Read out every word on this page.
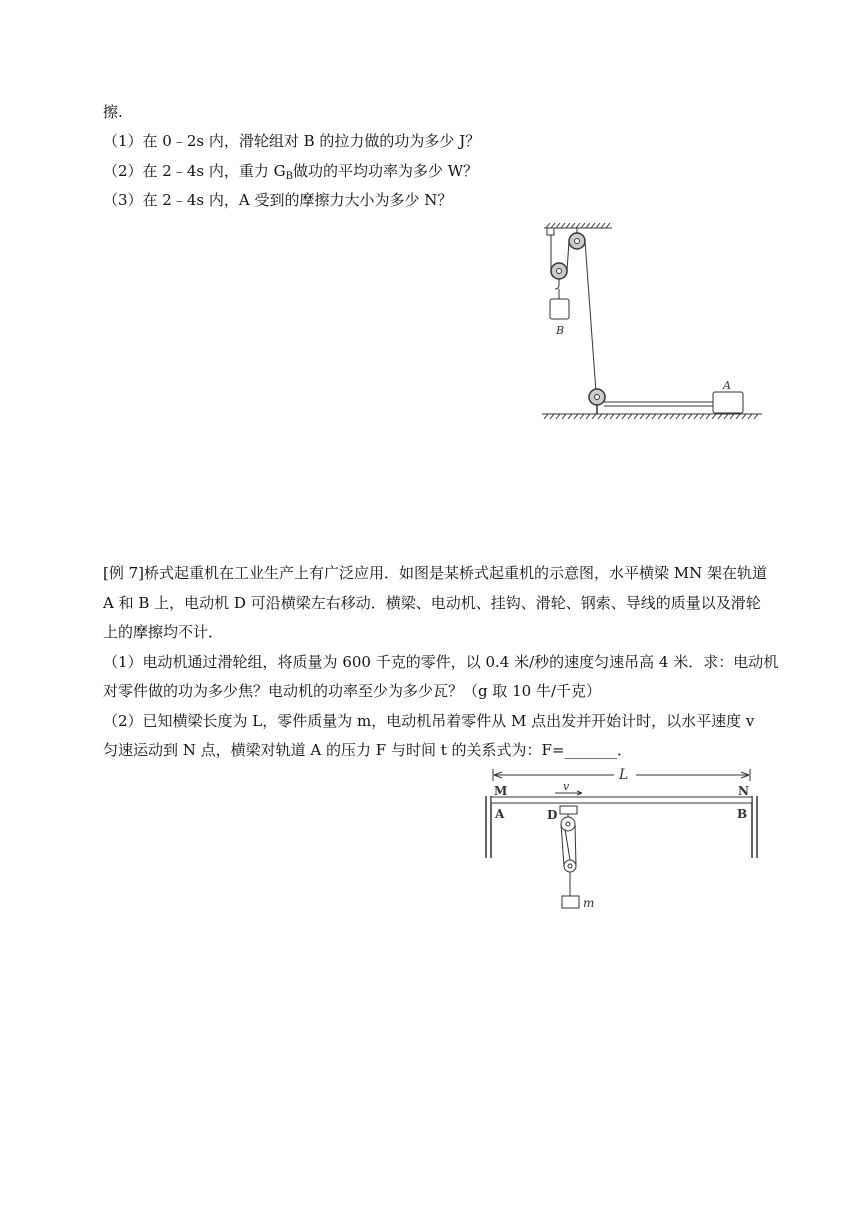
擦.
（1）在 0﹣2s 内，滑轮组对 B 的拉力做的功为多少 J？
（2）在 2﹣4s 内，重力 $G_B$做功的平均功率为多少 W？
（3）在 2﹣4s 内，A 受到的摩擦力大小为多少 N？
B
A
[例 7]桥式起重机在工业生产上有广泛应用．如图是某桥式起重机的示意图，水平横梁 MN 架在轨道
A 和 B 上，电动机 D 可沿横梁左右移动．横梁、电动机、挂钩、滑轮、钢索、导线的质量以及滑轮
上的摩擦均不计．
（1）电动机通过滑轮组，将质量为 600 千克的零件，以 0.4 米/秒的速度匀速吊高 4 米．求：电动机
对零件做的功为多少焦？电动机的功率至少为多少瓦？（g 取 10 牛/千克）
（2）已知横梁长度为 L，零件质量为 m，电动机吊着零件从 M 点出发并开始计时，以水平速度 v
匀速运动到 N 点，横梁对轨道 A 的压力 F 与时间 t 的关系式为：F=_______．
L
M	N
A	B
v
D
m
